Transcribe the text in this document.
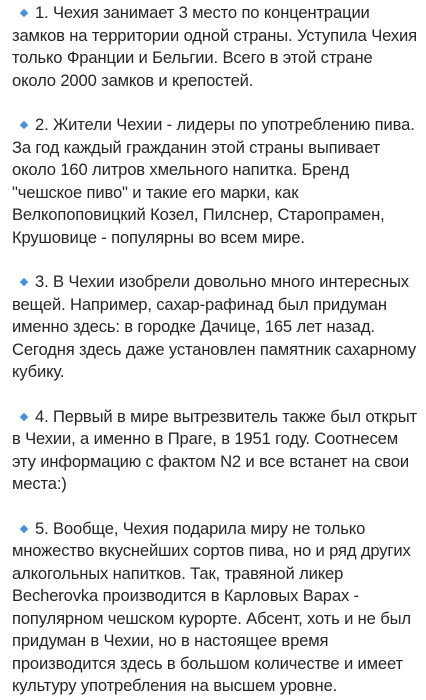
1. Чехия занимает 3 место по концентрации замков на территории одной страны. Уступила Чехия только Франции и Бельгии. Всего в этой стране около 2000 замков и крепостей.

2. Жители Чехии - лидеры по употреблению пива. За год каждый гражданин этой страны выпивает около 160 литров хмельного напитка. Бренд "чешское пиво" и такие его марки, как Велкопоповицкий Козел, Пилснер, Старопрамен, Крушовице - популярны во всем мире.

3. В Чехии изобрели довольно много интересных вещей. Например, сахар-рафинад был придуман именно здесь: в городке Дачице, 165 лет назад. Сегодня здесь даже установлен памятник сахарному кубику.

4. Первый в мире вытрезвитель также был открыт в Чехии, а именно в Праге, в 1951 году. Соотнесем эту информацию с фактом N2 и все встанет на свои места:)

5. Вообще, Чехия подарила миру не только множество вкуснейших сортов пива, но и ряд других алкогольных напитков. Так, травяной ликер Becherovka производится в Карловых Варах - популярном чешском курорте. Абсент, хоть и не был придуман в Чехии, но в настоящее время производится здесь в большом количестве и имеет культуру употребления на высшем уровне.
